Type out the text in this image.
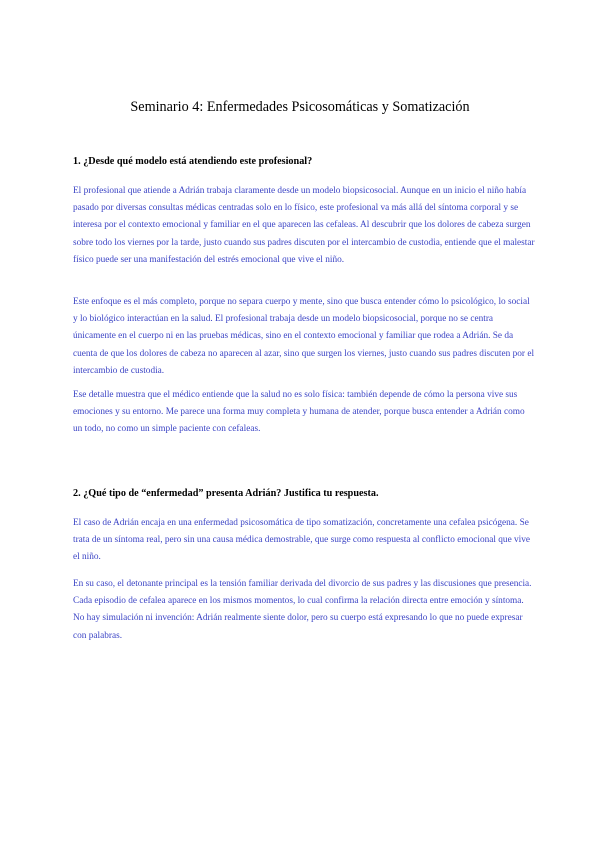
Seminario 4: Enfermedades Psicosomáticas y Somatización
1. ¿Desde qué modelo está atendiendo este profesional?

El profesional que atiende a Adrián trabaja claramente desde un modelo biopsicosocial. Aunque en un inicio el niño había pasado por diversas consultas médicas centradas solo en lo físico, este profesional va más allá del síntoma corporal y se interesa por el contexto emocional y familiar en el que aparecen las cefaleas. Al descubrir que los dolores de cabeza surgen sobre todo los viernes por la tarde, justo cuando sus padres discuten por el intercambio de custodia, entiende que el malestar físico puede ser una manifestación del estrés emocional que vive el niño.

Este enfoque es el más completo, porque no separa cuerpo y mente, sino que busca entender cómo lo psicológico, lo social y lo biológico interactúan en la salud. El profesional trabaja desde un modelo biopsicosocial, porque no se centra únicamente en el cuerpo ni en las pruebas médicas, sino en el contexto emocional y familiar que rodea a Adrián. Se da cuenta de que los dolores de cabeza no aparecen al azar, sino que surgen los viernes, justo cuando sus padres discuten por el intercambio de custodia.

Ese detalle muestra que el médico entiende que la salud no es solo física: también depende de cómo la persona vive sus emociones y su entorno. Me parece una forma muy completa y humana de atender, porque busca entender a Adrián como un todo, no como un simple paciente con cefaleas.

2. ¿Qué tipo de “enfermedad” presenta Adrián? Justifica tu respuesta.

El caso de Adrián encaja en una enfermedad psicosomática de tipo somatización, concretamente una cefalea psicógena. Se trata de un síntoma real, pero sin una causa médica demostrable, que surge como respuesta al conflicto emocional que vive el niño.

En su caso, el detonante principal es la tensión familiar derivada del divorcio de sus padres y las discusiones que presencia. Cada episodio de cefalea aparece en los mismos momentos, lo cual confirma la relación directa entre emoción y síntoma. No hay simulación ni invención: Adrián realmente siente dolor, pero su cuerpo está expresando lo que no puede expresar con palabras.
